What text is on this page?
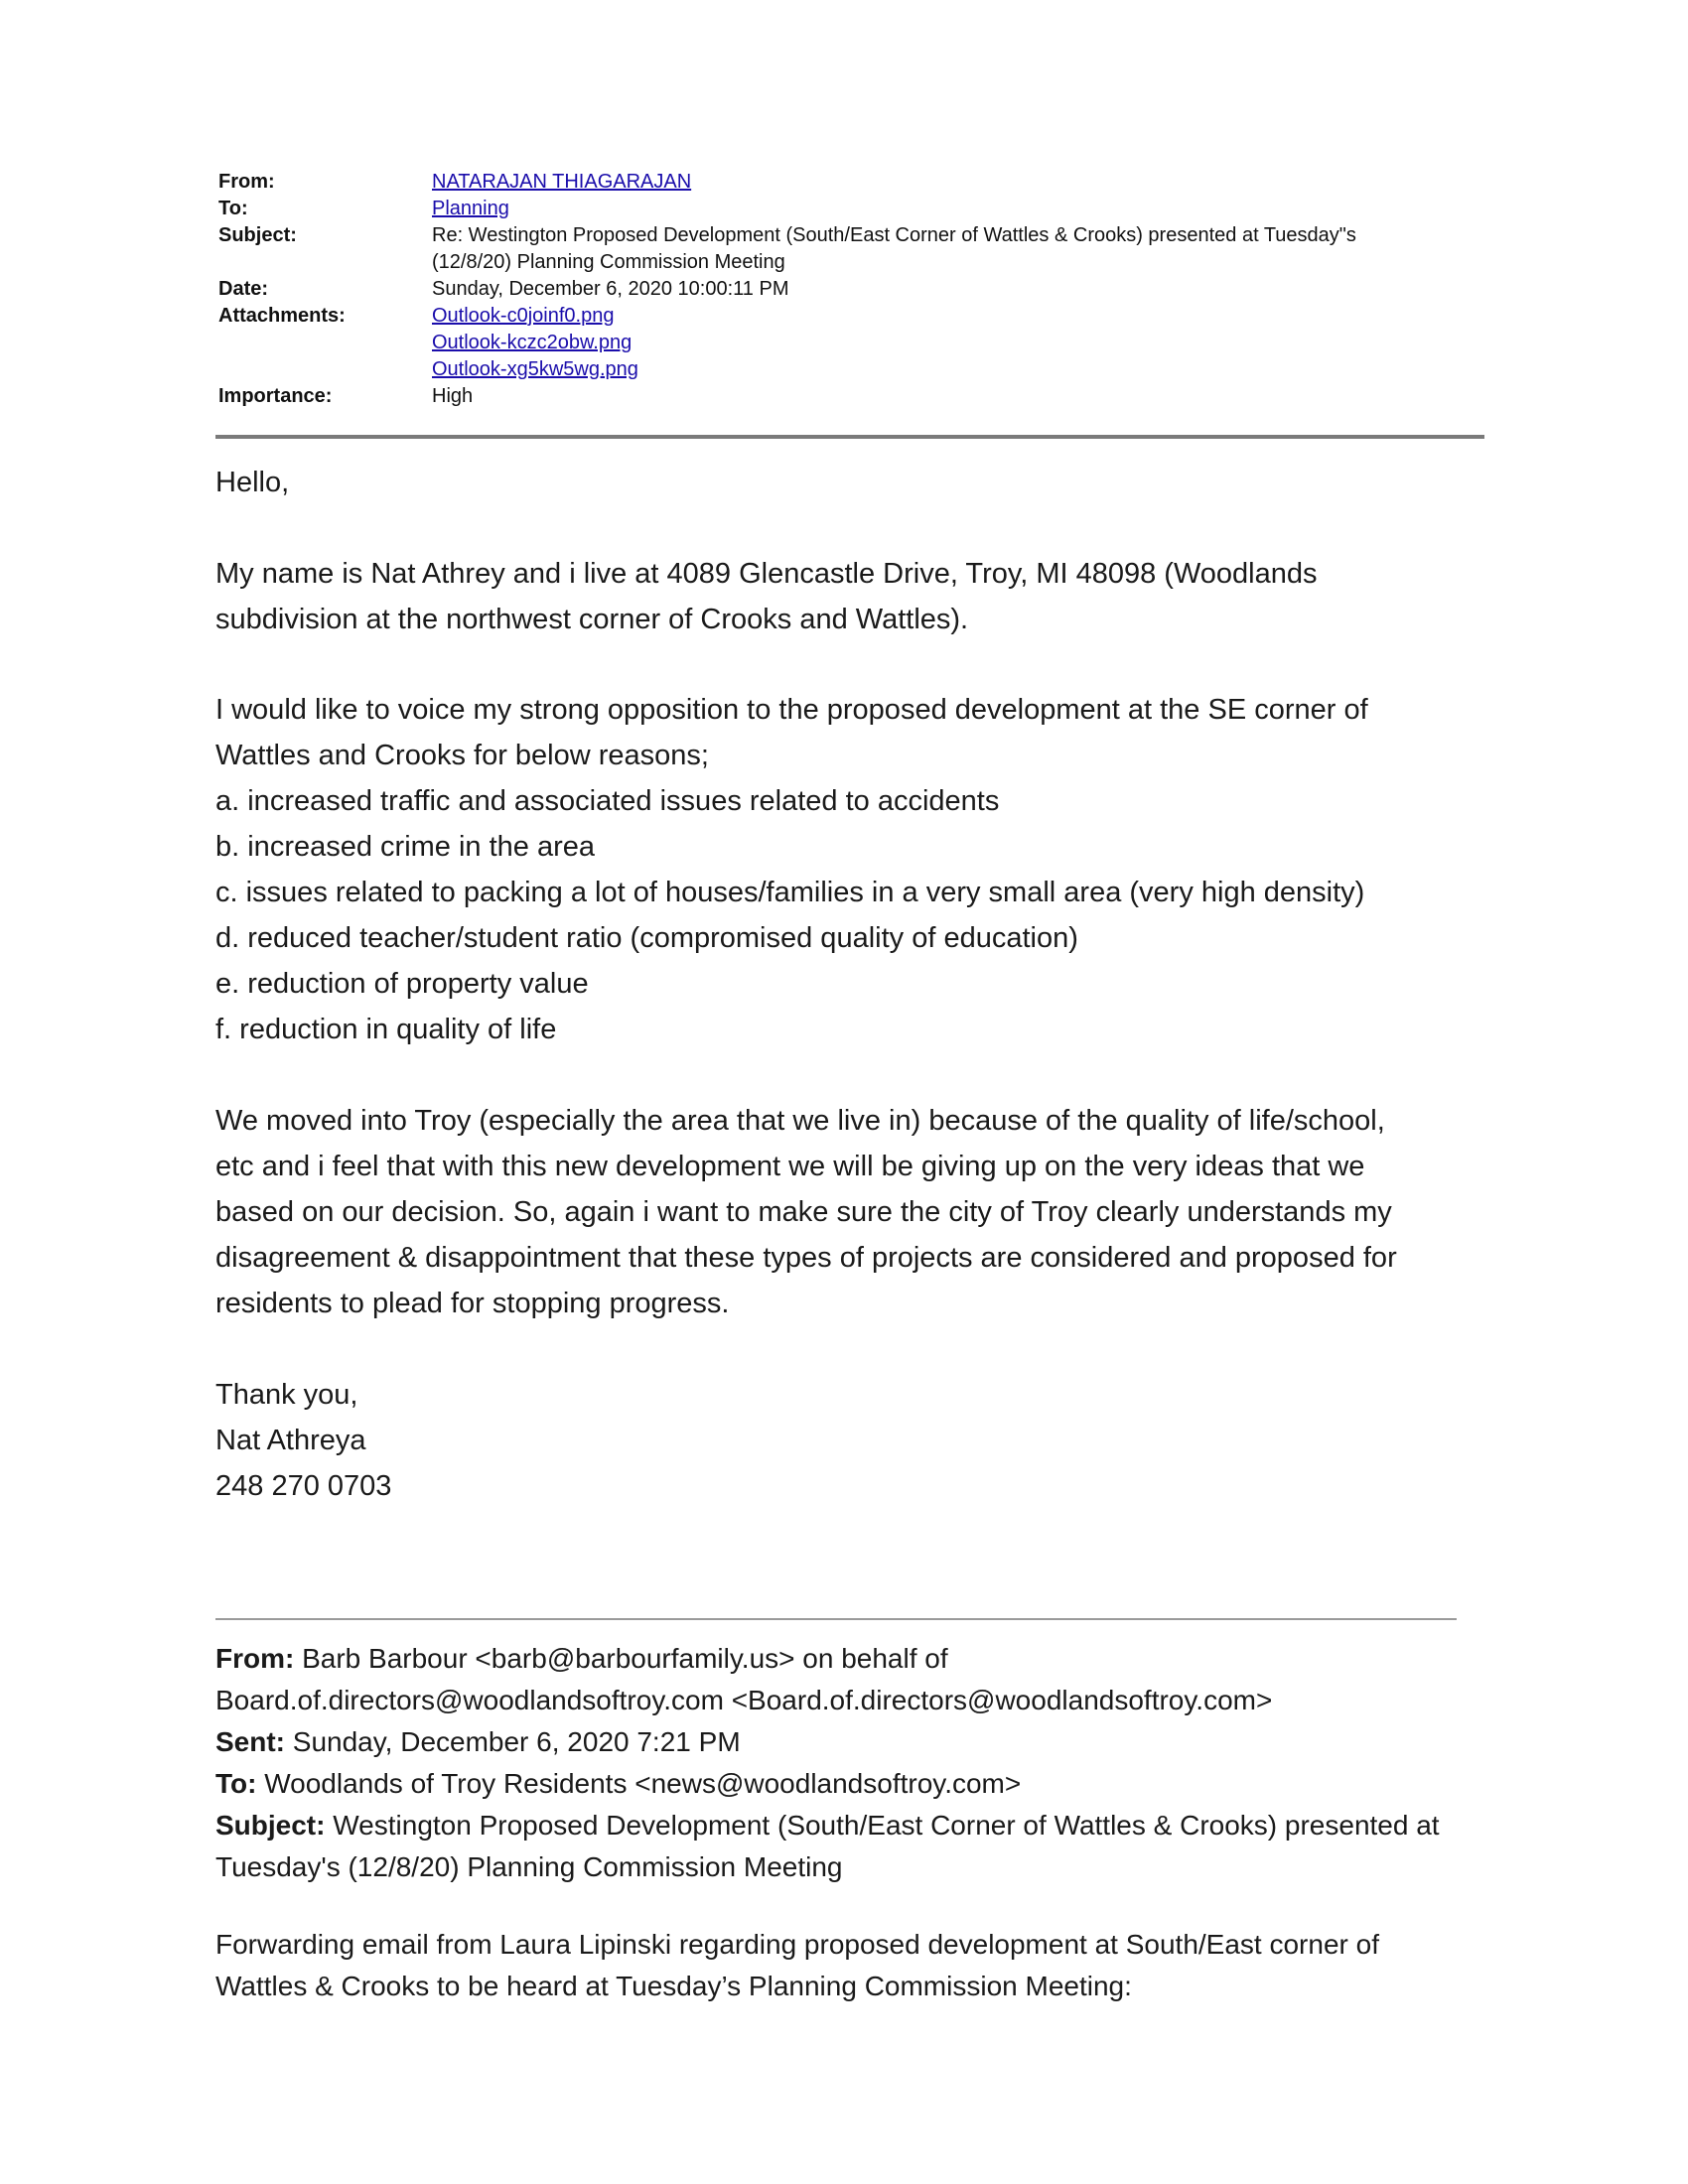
From:	NATARAJAN THIAGARAJAN
To:	Planning
Subject:	Re: Westington Proposed Development (South/East Corner of Wattles & Crooks) presented at Tuesday"s
(12/8/20) Planning Commission Meeting
Date:	Sunday, December 6, 2020 10:00:11 PM
Attachments:	Outlook-c0joinf0.png
Outlook-kczc2obw.png
Outlook-xg5kw5wg.png
Importance:	High

Hello,

My name is Nat Athrey and i live at 4089 Glencastle Drive, Troy, MI 48098 (Woodlands

subdivision at the northwest corner of Crooks and Wattles).

I would like to voice my strong opposition to the proposed development at the SE corner of

Wattles and Crooks for below reasons;

a. increased traffic and associated issues related to accidents

b. increased crime in the area

c. issues related to packing a lot of houses/families in a very small area (very high density)

d. reduced teacher/student ratio (compromised quality of education)

e. reduction of property value

f. reduction in quality of life

We moved into Troy (especially the area that we live in) because of the quality of life/school,

etc and i feel that with this new development we will be giving up on the very ideas that we

based on our decision. So, again i want to make sure the city of Troy clearly understands my

disagreement & disappointment that these types of projects are considered and proposed for

residents to plead for stopping progress.

Thank you,

Nat Athreya

248 270 0703

From: Barb Barbour <barb@barbourfamily.us> on behalf of
Board.of.directors@woodlandsoftroy.com <Board.of.directors@woodlandsoftroy.com>
Sent: Sunday, December 6, 2020 7:21 PM
To: Woodlands of Troy Residents <news@woodlandsoftroy.com>
Subject: Westington Proposed Development (South/East Corner of Wattles & Crooks) presented at
Tuesday's (12/8/20) Planning Commission Meeting
Forwarding email from Laura Lipinski regarding proposed development at South/East corner of
Wattles & Crooks to be heard at Tuesday’s Planning Commission Meeting:
